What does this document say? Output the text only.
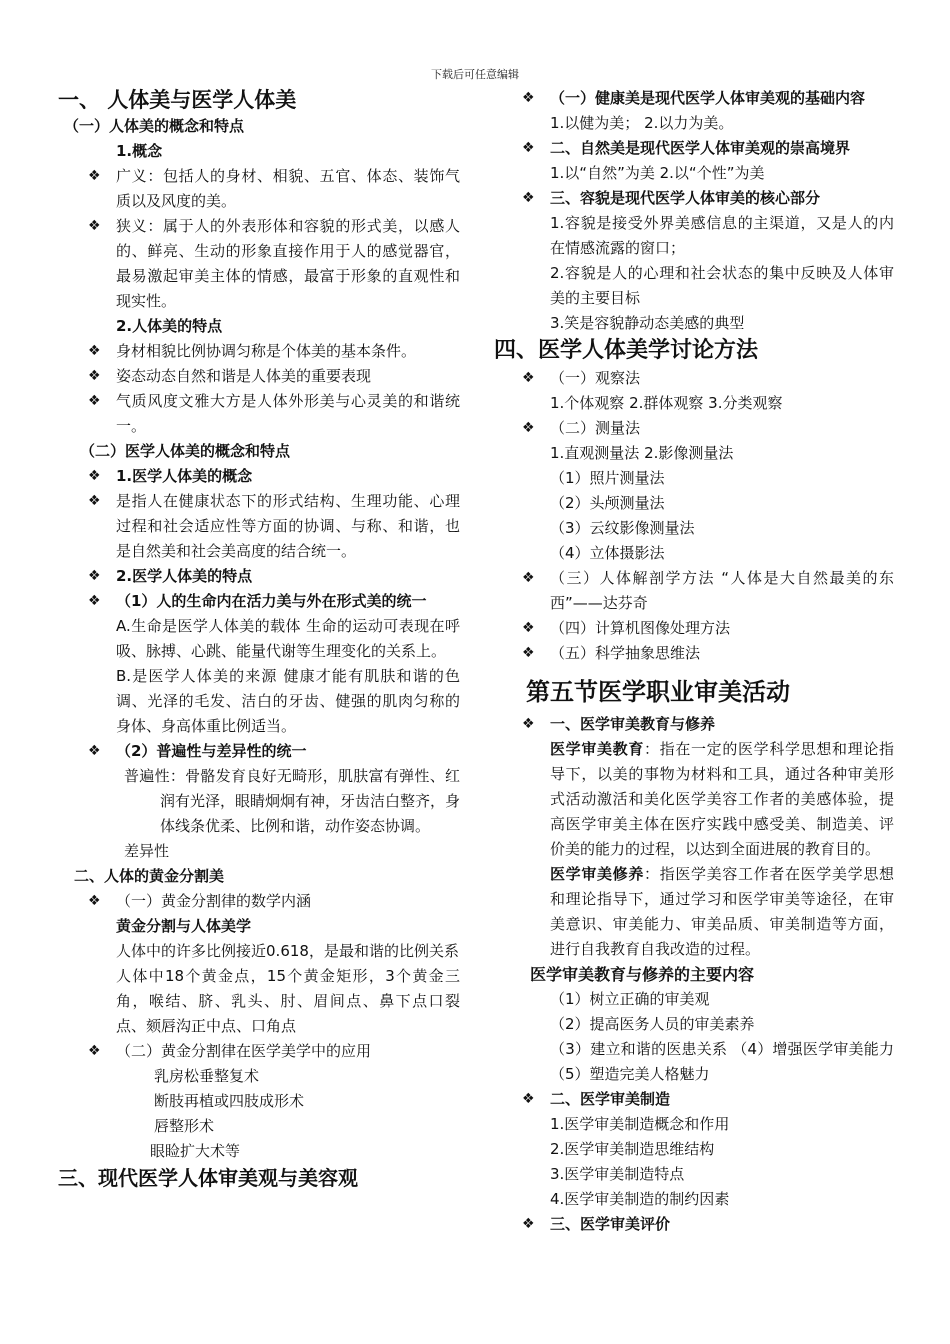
下载后可任意编辑
一、 人体美与医学人体美
（一）人体美的概念和特点
1.概念
❖ 广义：包括人的身材、相貌、五官、体态、装饰气质以及风度的美。
❖ 狭义：属于人的外表形体和容貌的形式美，以感人的、鲜亮、生动的形象直接作用于人的感觉器官，最易激起审美主体的情感，最富于形象的直观性和现实性。
2.人体美的特点
❖ 身材相貌比例协调匀称是个体美的基本条件。
❖ 姿态动态自然和谐是人体美的重要表现
❖ 气质风度文雅大方是人体外形美与心灵美的和谐统一。
（二）医学人体美的概念和特点
❖ 1.医学人体美的概念
❖ 是指人在健康状态下的形式结构、生理功能、心理过程和社会适应性等方面的协调、与称、和谐，也是自然美和社会美高度的结合统一。
❖ 2.医学人体美的特点
❖ （1）人的生命内在活力美与外在形式美的统一
A.生命是医学人体美的载体 生命的运动可表现在呼吸、脉搏、心跳、能量代谢等生理变化的关系上。
B.是医学人体美的来源 健康才能有肌肤和谐的色调、光泽的毛发、洁白的牙齿、健强的肌肉匀称的身体、身高体重比例适当。
❖ （2）普遍性与差异性的统一
普遍性：骨骼发育良好无畸形，肌肤富有弹性、红润有光泽，眼睛炯炯有神，牙齿洁白整齐，身体线条优柔、比例和谐，动作姿态协调。
差异性
二、人体的黄金分割美
❖ （一）黄金分割律的数学内涵
黄金分割与人体美学
人体中的许多比例接近0.618，是最和谐的比例关系
人体中18个黄金点，15个黄金矩形，3个黄金三角，喉结、脐、乳头、肘、眉间点、鼻下点口裂点、颏唇沟正中点、口角点
❖ （二）黄金分割律在医学美学中的应用
乳房松垂整复术
断肢再植或四肢成形术
唇整形术
眼睑扩大术等
三、现代医学人体审美观与美容观
❖ （一）健康美是现代医学人体审美观的基础内容
1.以健为美； 2.以力为美。
❖ 二、自然美是现代医学人体审美观的崇高境界
1.以“自然”为美 2.以“个性”为美
❖ 三、容貌是现代医学人体审美的核心部分
1.容貌是接受外界美感信息的主渠道，又是人的内在情感流露的窗口；
2.容貌是人的心理和社会状态的集中反映及人体审美的主要目标
3.笑是容貌静动态美感的典型
四、医学人体美学讨论方法
❖ （一）观察法
1.个体观察 2.群体观察 3.分类观察
❖ （二）测量法
1.直观测量法 2.影像测量法
（1）照片测量法
（2）头颅测量法
（3）云纹影像测量法
（4）立体摄影法
❖ （三）人体解剖学方法 “人体是大自然最美的东西”——达芬奇
❖ （四）计算机图像处理方法
❖ （五）科学抽象思维法
第五节医学职业审美活动
❖ 一、医学审美教育与修养
医学审美教育：指在一定的医学科学思想和理论指导下，以美的事物为材料和工具，通过各种审美形式活动激活和美化医学美容工作者的美感体验，提高医学审美主体在医疗实践中感受美、制造美、评价美的能力的过程，以达到全面进展的教育目的。
医学审美修养：指医学美容工作者在医学美学思想和理论指导下，通过学习和医学审美等途径，在审美意识、审美能力、审美品质、审美制造等方面，进行自我教育自我改造的过程。
医学审美教育与修养的主要内容
（1）树立正确的审美观
（2）提高医务人员的审美素养
（3）建立和谐的医患关系 （4）增强医学审美能力 （5）塑造完美人格魅力
❖ 二、医学审美制造
1.医学审美制造概念和作用
2.医学审美制造思维结构
3.医学审美制造特点
4.医学审美制造的制约因素
❖ 三、医学审美评价
